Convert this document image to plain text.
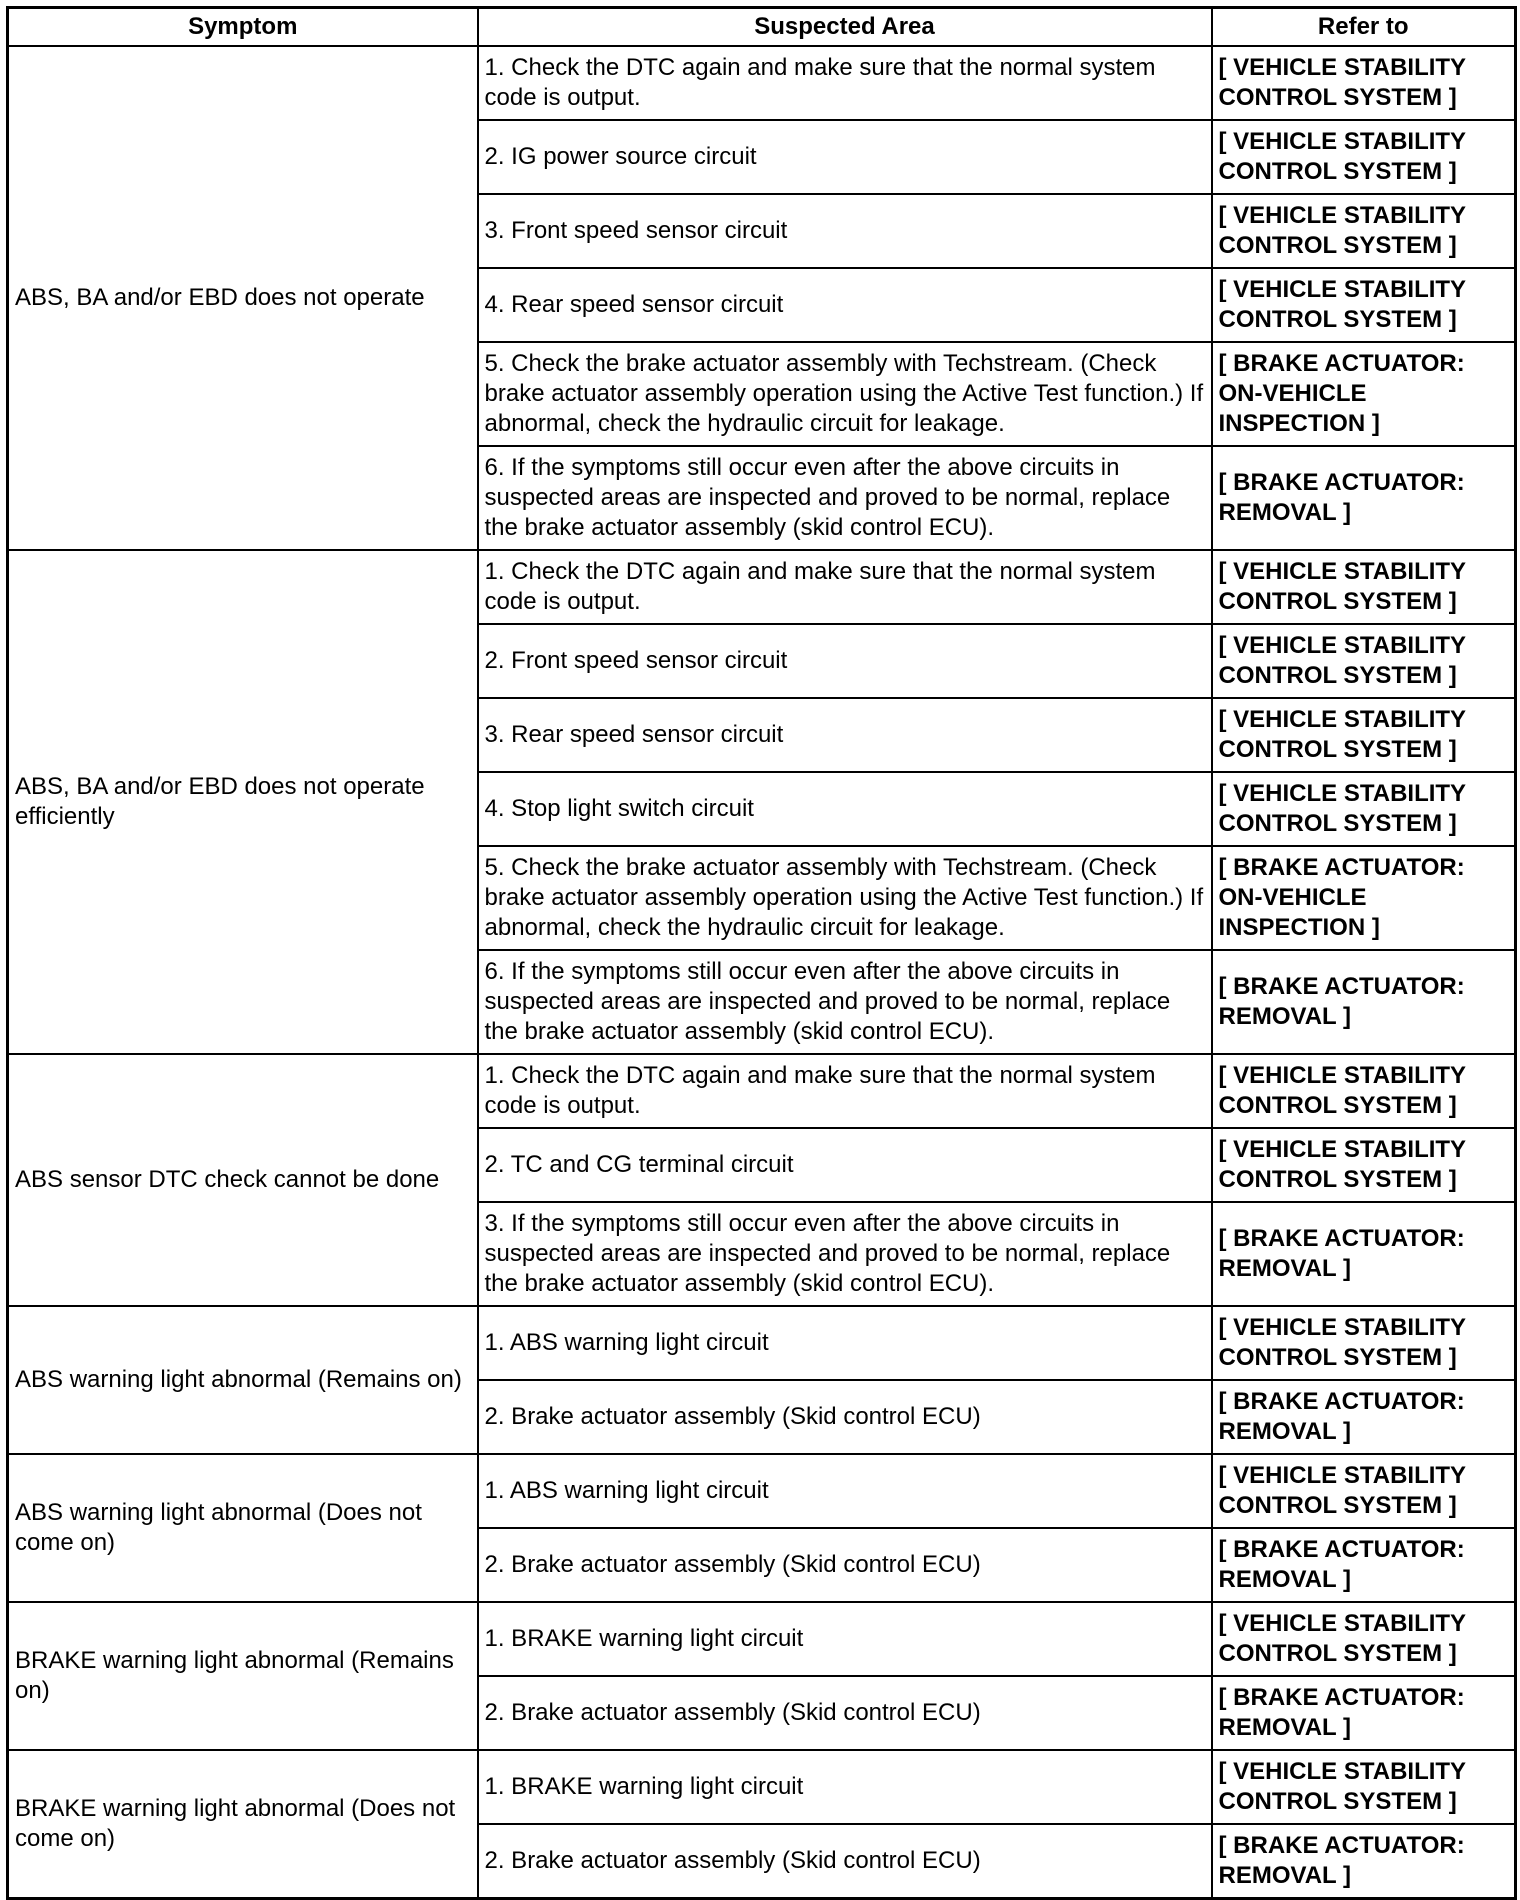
Symptom	Suspected Area	Refer to
ABS, BA and/or EBD does not operate	1. Check the DTC again and make sure that the normal system code is output.	[ VEHICLE STABILITY CONTROL SYSTEM ]
	2. IG power source circuit	[ VEHICLE STABILITY CONTROL SYSTEM ]
	3. Front speed sensor circuit	[ VEHICLE STABILITY CONTROL SYSTEM ]
	4. Rear speed sensor circuit	[ VEHICLE STABILITY CONTROL SYSTEM ]
	5. Check the brake actuator assembly with Techstream. (Check brake actuator assembly operation using the Active Test function.) If abnormal, check the hydraulic circuit for leakage.	[ BRAKE ACTUATOR: ON-VEHICLE INSPECTION ]
	6. If the symptoms still occur even after the above circuits in suspected areas are inspected and proved to be normal, replace the brake actuator assembly (skid control ECU).	[ BRAKE ACTUATOR: REMOVAL ]
ABS, BA and/or EBD does not operate efficiently	1. Check the DTC again and make sure that the normal system code is output.	[ VEHICLE STABILITY CONTROL SYSTEM ]
	2. Front speed sensor circuit	[ VEHICLE STABILITY CONTROL SYSTEM ]
	3. Rear speed sensor circuit	[ VEHICLE STABILITY CONTROL SYSTEM ]
	4. Stop light switch circuit	[ VEHICLE STABILITY CONTROL SYSTEM ]
	5. Check the brake actuator assembly with Techstream. (Check brake actuator assembly operation using the Active Test function.) If abnormal, check the hydraulic circuit for leakage.	[ BRAKE ACTUATOR: ON-VEHICLE INSPECTION ]
	6. If the symptoms still occur even after the above circuits in suspected areas are inspected and proved to be normal, replace the brake actuator assembly (skid control ECU).	[ BRAKE ACTUATOR: REMOVAL ]
ABS sensor DTC check cannot be done	1. Check the DTC again and make sure that the normal system code is output.	[ VEHICLE STABILITY CONTROL SYSTEM ]
	2. TC and CG terminal circuit	[ VEHICLE STABILITY CONTROL SYSTEM ]
	3. If the symptoms still occur even after the above circuits in suspected areas are inspected and proved to be normal, replace the brake actuator assembly (skid control ECU).	[ BRAKE ACTUATOR: REMOVAL ]
ABS warning light abnormal (Remains on)	1. ABS warning light circuit	[ VEHICLE STABILITY CONTROL SYSTEM ]
	2. Brake actuator assembly (Skid control ECU)	[ BRAKE ACTUATOR: REMOVAL ]
ABS warning light abnormal (Does not come on)	1. ABS warning light circuit	[ VEHICLE STABILITY CONTROL SYSTEM ]
	2. Brake actuator assembly (Skid control ECU)	[ BRAKE ACTUATOR: REMOVAL ]
BRAKE warning light abnormal (Remains on)	1. BRAKE warning light circuit	[ VEHICLE STABILITY CONTROL SYSTEM ]
	2. Brake actuator assembly (Skid control ECU)	[ BRAKE ACTUATOR: REMOVAL ]
BRAKE warning light abnormal (Does not come on)	1. BRAKE warning light circuit	[ VEHICLE STABILITY CONTROL SYSTEM ]
	2. Brake actuator assembly (Skid control ECU)	[ BRAKE ACTUATOR: REMOVAL ]
